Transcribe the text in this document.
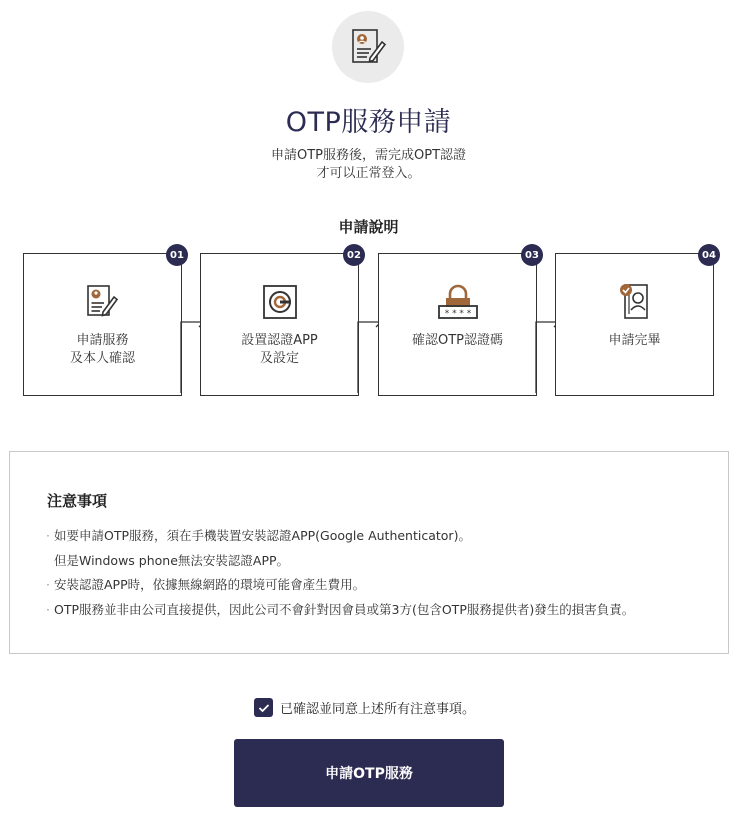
OTP服務申請
申請OTP服務後，需完成OPT認證
才可以正常登入。
申請說明
01
申請服務
及本人確認
02
設置認證APP
及設定
03
* * * *
確認OTP認證碼
04
申請完畢
注意事項
· 如要申請OTP服務，須在手機裝置安裝認證APP(Google Authenticator)。
但是Windows phone無法安裝認證APP。
· 安裝認證APP時，依據無線網路的環境可能會產生費用。
· OTP服務並非由公司直接提供，因此公司不會針對因會員或第3方(包含OTP服務提供者)發生的損害負責。
已確認並同意上述所有注意事項。
申請OTP服務
